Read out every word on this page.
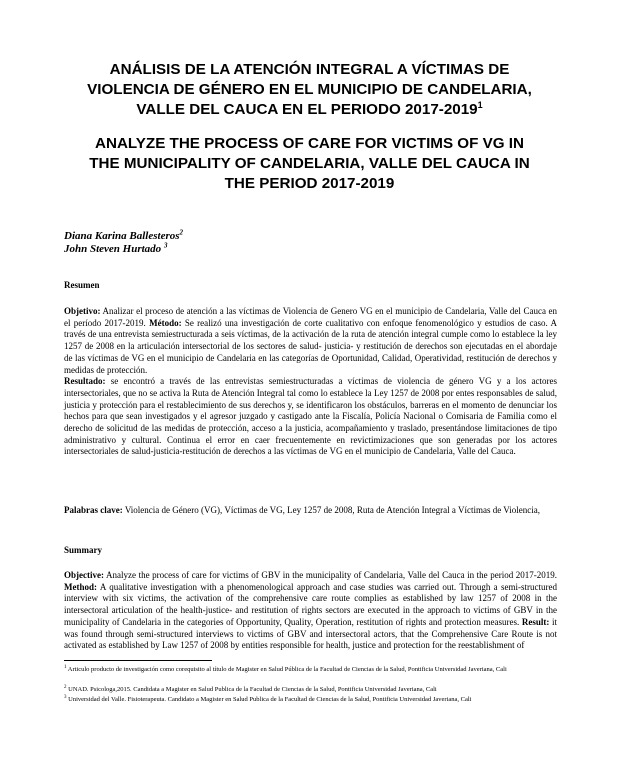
ANÁLISIS DE LA ATENCIÓN INTEGRAL A VÍCTIMAS DE
VIOLENCIA DE GÉNERO EN EL MUNICIPIO DE CANDELARIA,
VALLE DEL CAUCA EN EL PERIODO 2017-2019$^1$
ANALYZE THE PROCESS OF CARE FOR VICTIMS OF VG IN
THE MUNICIPALITY OF CANDELARIA, VALLE DEL CAUCA IN
THE PERIOD 2017-2019
Diana Karina Ballesteros$^2$
John Steven Hurtado $^3$
Resumen
Objetivo: Analizar el proceso de atención a las víctimas de Violencia de Genero VG en el municipio de Candelaria, Valle del Cauca en el período 2017-2019. Método: Se realizó una investigación de corte cualitativo con enfoque fenomenológico y estudios de caso. A través de una entrevista semiestructurada a seis víctimas, de la activación de la ruta de atención integral cumple como lo establece la ley 1257 de 2008 en la articulación intersectorial de los sectores de salud- justicia- y restitución de derechos son ejecutadas en el abordaje de las víctimas de VG en el municipio de Candelaria en las categorías de Oportunidad, Calidad, Operatividad, restitución de derechos y medidas de protección.
Resultado: se encontró a través de las entrevistas semiestructuradas a víctimas de violencia de género VG y a los actores intersectoriales, que no se activa la Ruta de Atención Integral tal como lo establece la Ley 1257 de 2008 por entes responsables de salud, justicia y protección para el restablecimiento de sus derechos y, se identificaron los obstáculos, barreras en el momento de denunciar los hechos para que sean investigados y el agresor juzgado y castigado ante la Fiscalía, Policía Nacional o Comisaria de Familia como el derecho de solicitud de las medidas de protección, acceso a la justicia, acompañamiento y traslado, presentándose limitaciones de tipo administrativo y cultural. Continua el error en caer frecuentemente en revictimizaciones que son generadas por los actores intersectoriales de salud-justicia-restitución de derechos a las víctimas de VG en el municipio de Candelaria, Valle del Cauca.
Palabras clave: Violencia de Género (VG), Víctimas de VG, Ley 1257 de 2008, Ruta de Atención Integral a Víctimas de Violencia,
Summary
Objective: Analyze the process of care for victims of GBV in the municipality of Candelaria, Valle del Cauca in the period 2017-2019. Method: A qualitative investigation with a phenomenological approach and case studies was carried out. Through a semi-structured interview with six victims, the activation of the comprehensive care route complies as established by law 1257 of 2008 in the intersectoral articulation of the health-justice- and restitution of rights sectors are executed in the approach to victims of GBV in the municipality of Candelaria in the categories of Opportunity, Quality, Operation, restitution of rights and protection measures. Result: it was found through semi-structured interviews to victims of GBV and intersectoral actors, that the Comprehensive Care Route is not activated as established by Law 1257 of 2008 by entities responsible for health, justice and protection for the reestablishment of
$^1$ Articulo producto de investigación como corequisito al título de Magister en Salud Pública de la Facultad de Ciencias de la Salud, Pontificia Universidad Javeriana, Cali
$^2$ UNAD. Psicologa,2015. Candidata a Magister en Salud Publica de la Facultad de Ciencias de la Salud, Pontificia Universidad Javeriana, Cali
$^3$ Universidad del Valle. Fisioterapeuta. Candidato a Magister en Salud Publica de la Facultad de Ciencias de la Salud, Pontificia Universidad Javeriana, Cali
